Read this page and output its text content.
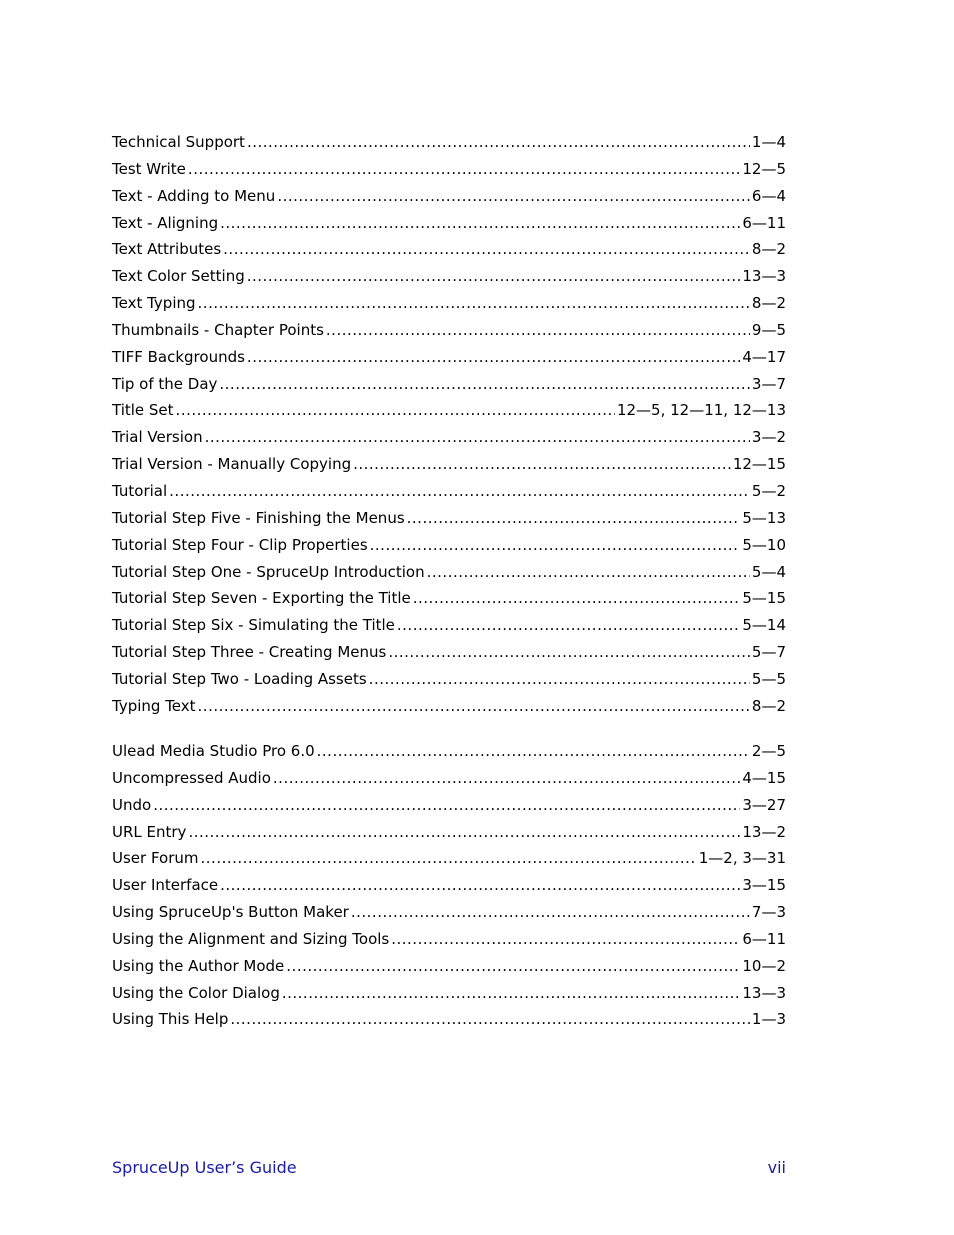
Technical Support .....	1—4
Test Write .....	12—5
Text - Adding to Menu .....	6—4
Text - Aligning .....	6—11
Text Attributes .....	8—2
Text Color Setting .....	13—3
Text Typing .....	8—2
Thumbnails - Chapter Points .....	9—5
TIFF Backgrounds .....	4—17
Tip of the Day .....	3—7
Title Set .....	12—5, 12—11, 12—13
Trial Version .....	3—2
Trial Version - Manually Copying .....	12—15
Tutorial .....	5—2
Tutorial Step Five - Finishing the Menus .....	5—13
Tutorial Step Four - Clip Properties .....	5—10
Tutorial Step One - SpruceUp Introduction .....	5—4
Tutorial Step Seven - Exporting the Title .....	5—15
Tutorial Step Six - Simulating the Title .....	5—14
Tutorial Step Three - Creating Menus .....	5—7
Tutorial Step Two - Loading Assets .....	5—5
Typing Text .....	8—2
Ulead Media Studio Pro 6.0 .....	2—5
Uncompressed Audio .....	4—15
Undo .....	3—27
URL Entry .....	13—2
User Forum .....	1—2, 3—31
User Interface .....	3—15
Using SpruceUp's Button Maker .....	7—3
Using the Alignment and Sizing Tools .....	6—11
Using the Author Mode .....	10—2
Using the Color Dialog .....	13—3
Using This Help .....	1—3
SpruceUp User’s Guide	vii
